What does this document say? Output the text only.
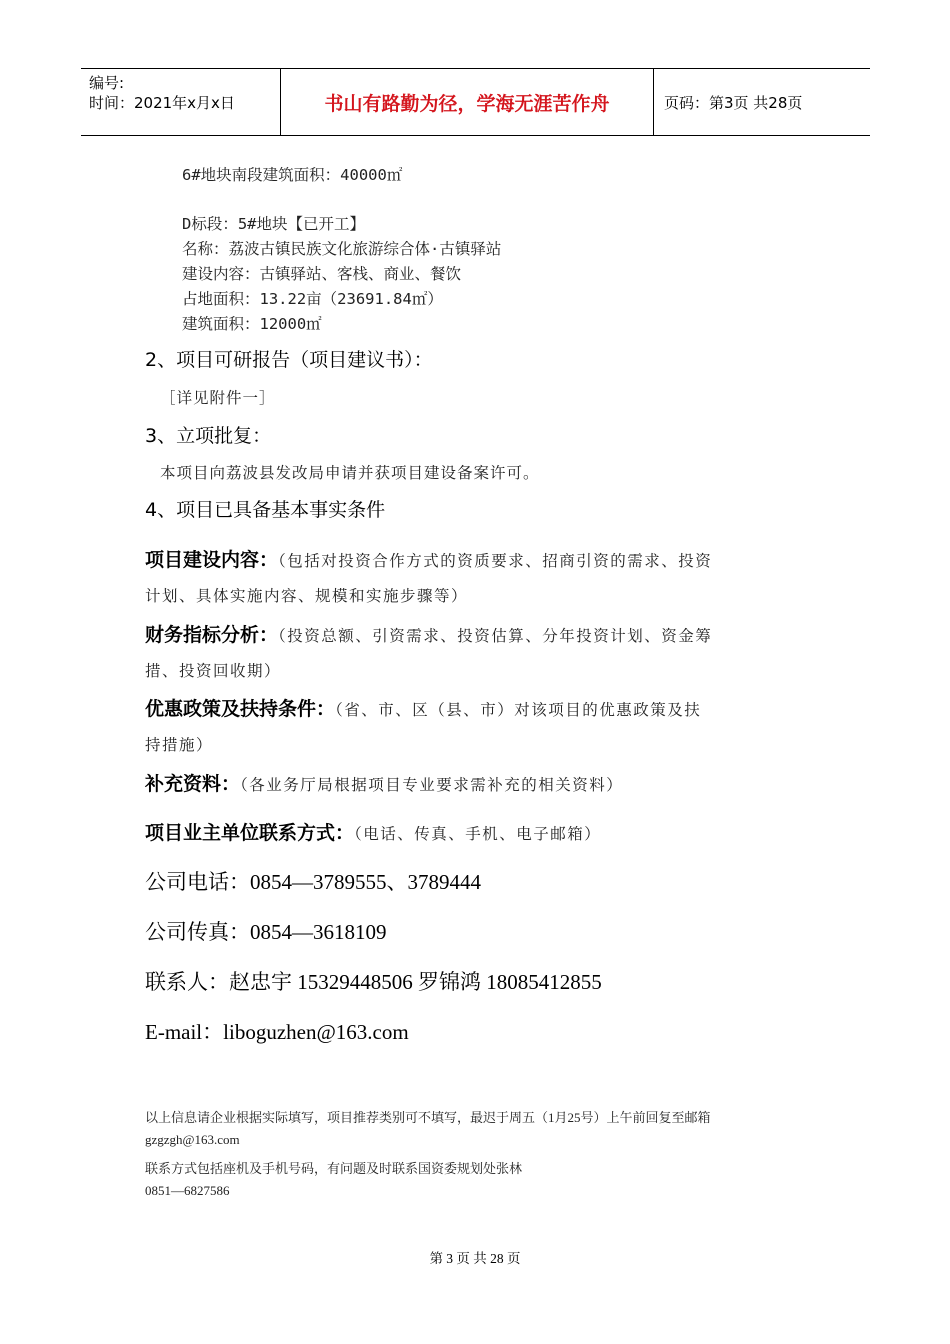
编号:
时间：2021年x月x日	书山有路勤为径，学海无涯苦作舟	页码：第3页 共28页
6#地块南段建筑面积：40000㎡
D标段：5#地块【已开工】
名称：荔波古镇民族文化旅游综合体·古镇驿站
建设内容：古镇驿站、客栈、商业、餐饮
占地面积：13.22亩（23691.84㎡）
建筑面积：12000㎡
2、项目可研报告（项目建议书）：
［详见附件一］
3、立项批复：
本项目向荔波县发改局申请并获项目建设备案许可。
4、项目已具备基本事实条件
项目建设内容：（包括对投资合作方式的资质要求、招商引资的需求、投资
计划、具体实施内容、规模和实施步骤等）
财务指标分析：（投资总额、引资需求、投资估算、分年投资计划、资金筹
措、投资回收期）
优惠政策及扶持条件：（省、市、区（县、市）对该项目的优惠政策及扶
持措施）
补充资料：（各业务厅局根据项目专业要求需补充的相关资料）
项目业主单位联系方式：（电话、传真、手机、电子邮箱）
公司电话：0854—3789555、3789444
公司传真：0854—3618109
联系人：赵忠宇 15329448506 罗锦鸿 18085412855
E-mail：liboguzhen@163.com
以上信息请企业根据实际填写，项目推荐类别可不填写，最迟于周五（1月25号）上午前回复至邮箱
gzgzgh@163.com
联系方式包括座机及手机号码，有问题及时联系国资委规划处张林
0851—6827586
第 3 页 共 28 页
